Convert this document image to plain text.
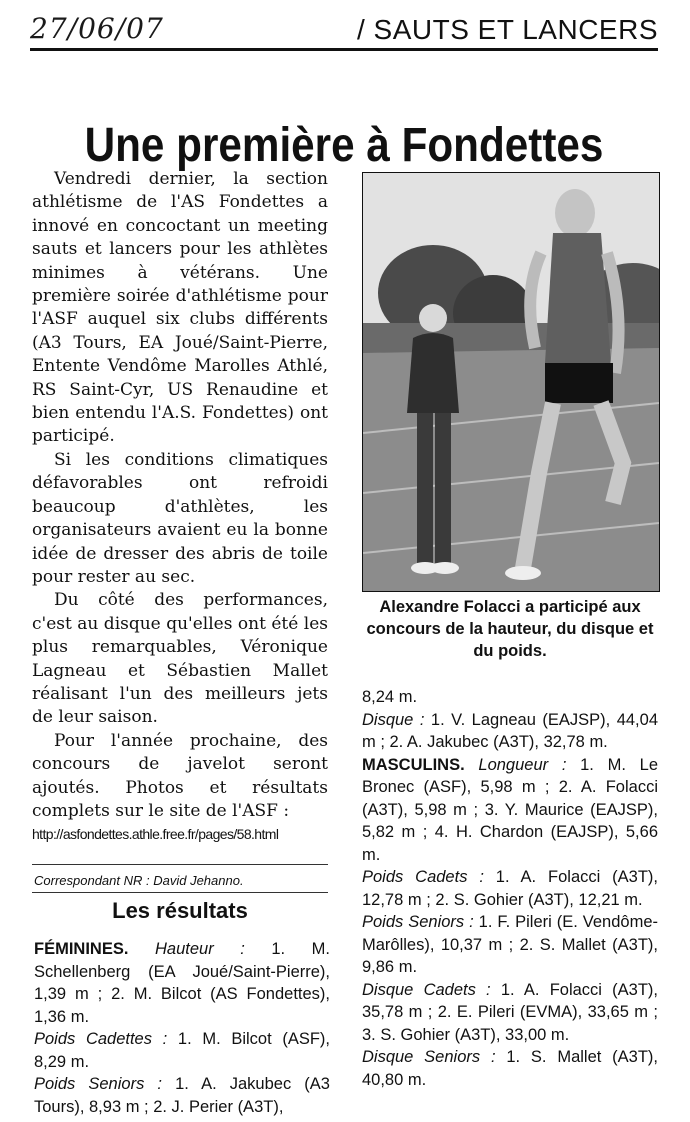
27/06/07	/ SAUTS ET LANCERS
Une première à Fondettes

Vendredi dernier, la section athlétisme de l'AS Fondettes a innové en concoctant un meeting sauts et lancers pour les athlètes minimes à vétérans. Une première soirée d'athlétisme pour l'ASF auquel six clubs différents (A3 Tours, EA Joué/Saint-Pierre, Entente Vendôme Marolles Athlé, RS Saint-Cyr, US Renaudine et bien entendu l'A.S. Fondettes) ont participé.

Si les conditions climatiques défavorables ont refroidi beaucoup d'athlètes, les organisateurs avaient eu la bonne idée de dresser des abris de toile pour rester au sec.

Du côté des performances, c'est au disque qu'elles ont été les plus remarquables, Véronique Lagneau et Sébastien Mallet réalisant l'un des meilleurs jets de leur saison.

Pour l'année prochaine, des concours de javelot seront ajoutés. Photos et résultats complets sur le site de l'ASF :

http://asfondettes.athle.free.fr/pages/58.html

Correspondant NR : David Jehanno.
Les résultats

FÉMININES. Hauteur : 1. M. Schellenberg (EA Joué/Saint-Pierre), 1,39 m ; 2. M. Bilcot (AS Fondettes), 1,36 m.

Poids Cadettes : 1. M. Bilcot (ASF), 8,29 m.

Poids Seniors : 1. A. Jakubec (A3 Tours), 8,93 m ; 2. J. Perier (A3T),

Alexandre Folacci a participé aux concours de la hauteur, du disque et du poids.

8,24 m.

Disque : 1. V. Lagneau (EAJSP), 44,04 m ; 2. A. Jakubec (A3T), 32,78 m.

MASCULINS. Longueur : 1. M. Le Bronec (ASF), 5,98 m ; 2. A. Folacci (A3T), 5,98 m ; 3. Y. Maurice (EAJSP), 5,82 m ; 4. H. Chardon (EAJSP), 5,66 m.

Poids Cadets : 1. A. Folacci (A3T), 12,78 m ; 2. S. Gohier (A3T), 12,21 m.

Poids Seniors : 1. F. Pileri (E. Vendôme-Marôlles), 10,37 m ; 2. S. Mallet (A3T), 9,86 m.

Disque Cadets : 1. A. Folacci (A3T), 35,78 m ; 2. E. Pileri (EVMA), 33,65 m ; 3. S. Gohier (A3T), 33,00 m.

Disque Seniors : 1. S. Mallet (A3T), 40,80 m.
